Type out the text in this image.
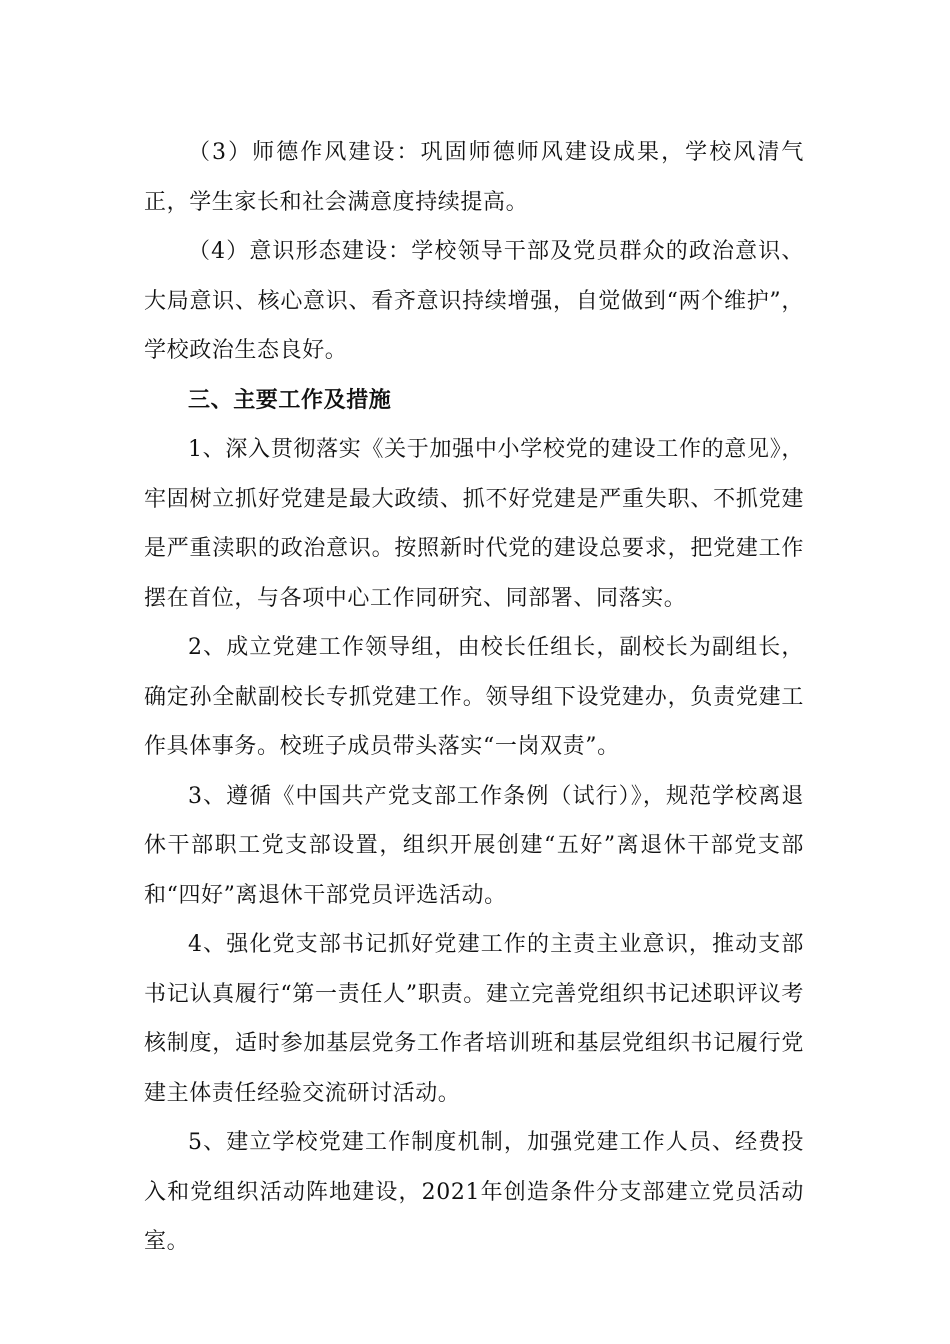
（3）师德作风建设：巩固师德师风建设成果，学校风清气正，学生家长和社会满意度持续提高。

（4）意识形态建设：学校领导干部及党员群众的政治意识、大局意识、核心意识、看齐意识持续增强，自觉做到“两个维护”，学校政治生态良好。

三、主要工作及措施

1、深入贯彻落实《关于加强中小学校党的建设工作的意见》，牢固树立抓好党建是最大政绩、抓不好党建是严重失职、不抓党建是严重渎职的政治意识。按照新时代党的建设总要求，把党建工作摆在首位，与各项中心工作同研究、同部署、同落实。

2、成立党建工作领导组，由校长任组长，副校长为副组长，确定孙全献副校长专抓党建工作。领导组下设党建办，负责党建工作具体事务。校班子成员带头落实“一岗双责”。

3、遵循《中国共产党支部工作条例（试行）》，规范学校离退休干部职工党支部设置，组织开展创建“五好”离退休干部党支部和“四好”离退休干部党员评选活动。

4、强化党支部书记抓好党建工作的主责主业意识，推动支部书记认真履行“第一责任人”职责。建立完善党组织书记述职评议考核制度，适时参加基层党务工作者培训班和基层党组织书记履行党建主体责任经验交流研讨活动。

5、建立学校党建工作制度机制，加强党建工作人员、经费投入和党组织活动阵地建设，2021年创造条件分支部建立党员活动室。
